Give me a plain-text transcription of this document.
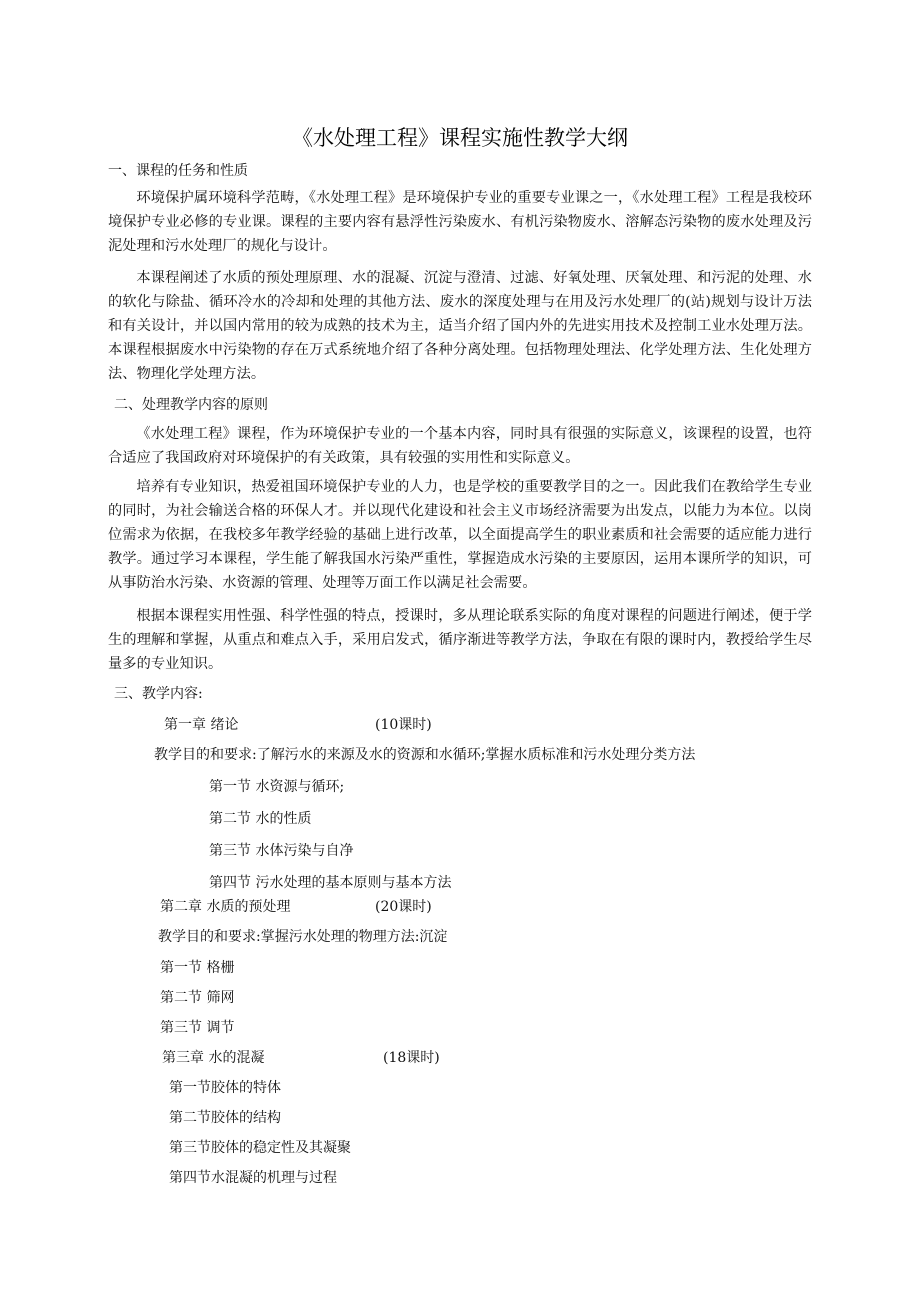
《水处理工程》课程实施性教学大纲
一、课程的任务和性质
环境保护属环境科学范畴，《水处理工程》是环境保护专业的重要专业课之一，《水处理工程》工程是我校环境保护专业必修的专业课。课程的主要内容有悬浮性污染废水、有机污染物废水、溶解态污染物的废水处理及污泥处理和污水处理厂的规化与设计。
本课程阐述了水质的预处理原理、水的混凝、沉淀与澄清、过滤、好氧处理、厌氧处理、和污泥的处理、水的软化与除盐、循环冷水的冷却和处理的其他方法、废水的深度处理与在用及污水处理厂的(站)规划与设计万法和有关设计，并以国内常用的较为成熟的技术为主，适当介绍了国内外的先进实用技术及控制工业水处理万法。本课程根据废水中污染物的存在万式系统地介绍了各种分离处理。包括物理处理法、化学处理方法、生化处理方法、物理化学处理方法。
二、处理教学内容的原则
《水处理工程》课程，作为环境保护专业的一个基本内容，同时具有很强的实际意义，该课程的设置，也符合适应了我国政府对环境保护的有关政策，具有较强的实用性和实际意义。
培养有专业知识，热爱祖国环境保护专业的人力，也是学校的重要教学目的之一。因此我们在教给学生专业的同时，为社会输送合格的环保人才。并以现代化建设和社会主义市场经济需要为出发点，以能力为本位。以岗位需求为依据，在我校多年教学经验的基础上进行改革，以全面提高学生的职业素质和社会需要的适应能力进行教学。通过学习本课程，学生能了解我国水污染严重性，掌握造成水污染的主要原因，运用本课所学的知识，可从事防治水污染、水资源的管理、处理等万面工作以满足社会需要。
根据本课程实用性强、科学性强的特点，授课时，多从理论联系实际的角度对课程的问题进行阐述，便于学生的理解和掌握，从重点和难点入手，采用启发式，循序渐进等教学方法，争取在有限的课时内，教授给学生尽量多的专业知识。
三、教学内容:
第一章 绪论	(10课时)
教学目的和要求:了解污水的来源及水的资源和水循环;掌握水质标准和污水处理分类方法
第一节 水资源与循环;
第二节 水的性质
第三节 水体污染与自净
第四节 污水处理的基本原则与基本方法
第二章 水质的预处理	(20课时)
教学目的和要求:掌握污水处理的物理方法:沉淀
第一节 格栅
第二节 筛网
第三节 调节
第三章 水的混凝	(18课时)
第一节胶体的特体
第二节胶体的结构
第三节胶体的稳定性及其凝聚
第四节水混凝的机理与过程
